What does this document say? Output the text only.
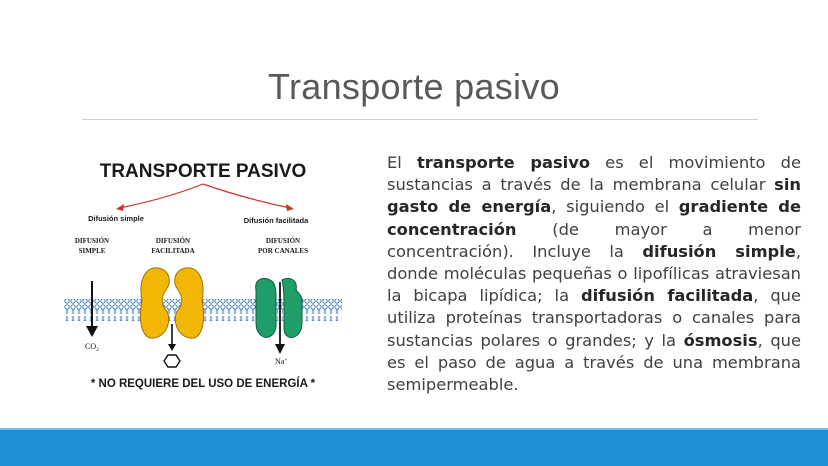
Transporte pasivo
TRANSPORTE PASIVO
Difusión simple	Difusión facilitada
DIFUSIÓN
SIMPLE
DIFUSIÓN
FACILITADA
DIFUSIÓN
POR CANALES
$CO_2$
Na+
* NO REQUIERE DEL USO DE ENERGÍA *
El transporte pasivo es el movimiento de sustancias a través de la membrana celular sin gasto de energía, siguiendo el gradiente de concentración (de mayor a menor concentración). Incluye la difusión simple, donde moléculas pequeñas o lipofílicas atraviesan la bicapa lipídica; la difusión facilitada, que utiliza proteínas transportadoras o canales para sustancias polares o grandes; y la ósmosis, que es el paso de agua a través de una membrana semipermeable.
